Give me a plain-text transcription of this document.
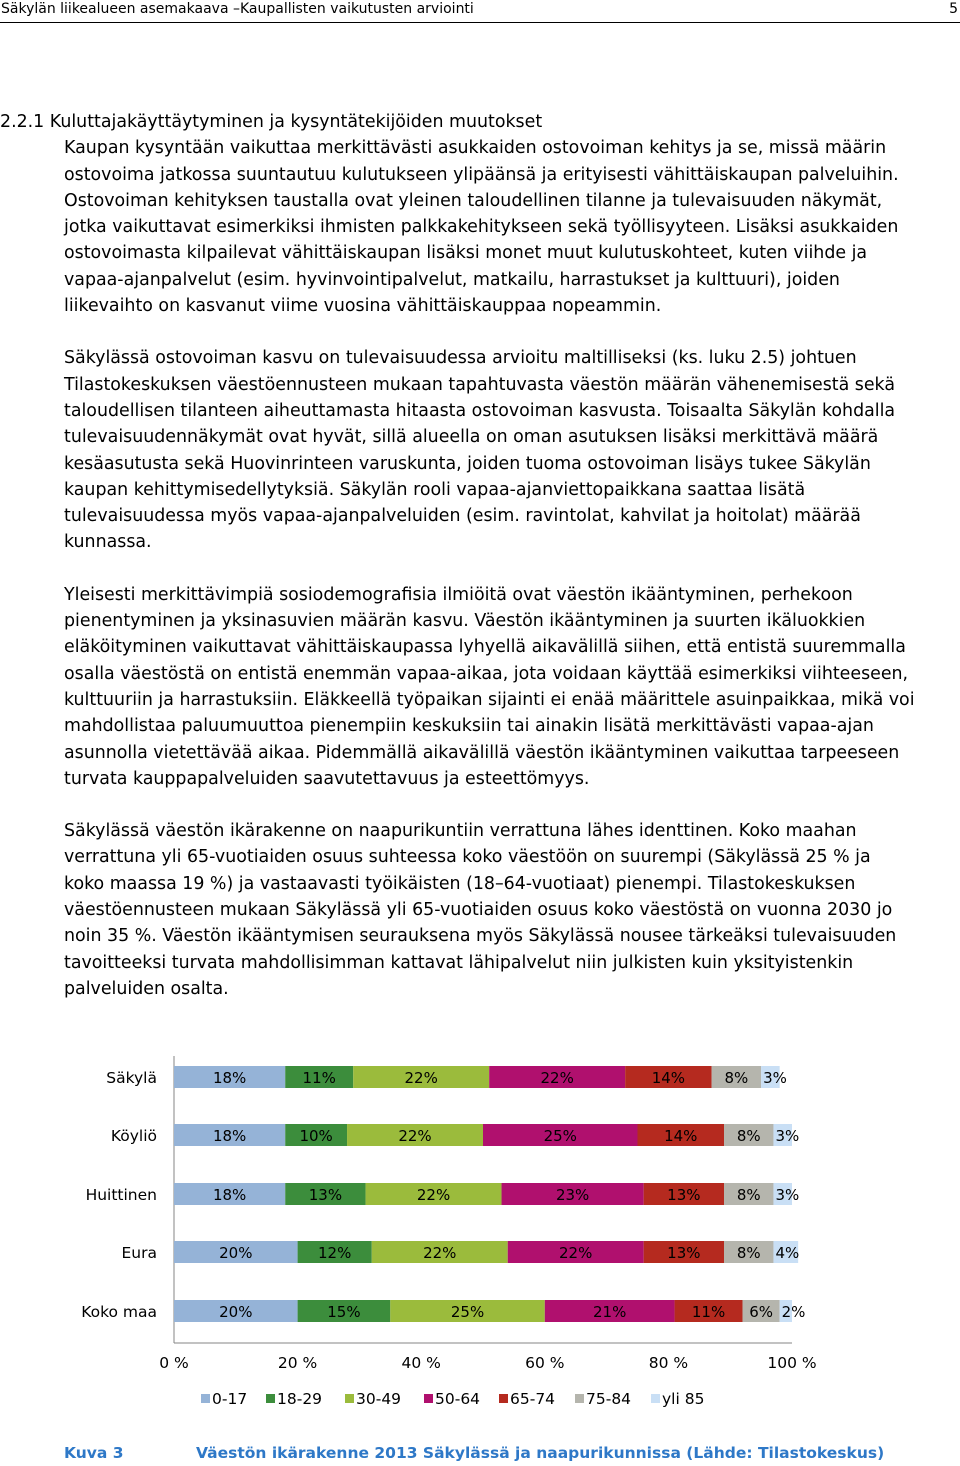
Säkylän liikealueen asemakaava –Kaupallisten vaikutusten arviointi	5
2.2.1 Kuluttajakäyttäytyminen ja kysyntätekijöiden muutokset
Kaupan kysyntään vaikuttaa merkittävästi asukkaiden ostovoiman kehitys ja se, missä määrin
ostovoima jatkossa suuntautuu kulutukseen ylipäänsä ja erityisesti vähittäiskaupan palveluihin.
Ostovoiman kehityksen taustalla ovat yleinen taloudellinen tilanne ja tulevaisuuden näkymät,
jotka vaikuttavat esimerkiksi ihmisten palkkakehitykseen sekä työllisyyteen. Lisäksi asukkaiden
ostovoimasta kilpailevat vähittäiskaupan lisäksi monet muut kulutuskohteet, kuten viihde ja
vapaa-ajanpalvelut (esim. hyvinvointipalvelut, matkailu, harrastukset ja kulttuuri), joiden
liikevaihto on kasvanut viime vuosina vähittäiskauppaa nopeammin.
Säkylässä ostovoiman kasvu on tulevaisuudessa arvioitu maltilliseksi (ks. luku 2.5) johtuen
Tilastokeskuksen väestöennusteen mukaan tapahtuvasta väestön määrän vähenemisestä sekä
taloudellisen tilanteen aiheuttamasta hitaasta ostovoiman kasvusta. Toisaalta Säkylän kohdalla
tulevaisuudennäkymät ovat hyvät, sillä alueella on oman asutuksen lisäksi merkittävä määrä
kesäasutusta sekä Huovinrinteen varuskunta, joiden tuoma ostovoiman lisäys tukee Säkylän
kaupan kehittymisedellytyksiä. Säkylän rooli vapaa-ajanviettopaikkana saattaa lisätä
tulevaisuudessa myös vapaa-ajanpalveluiden (esim. ravintolat, kahvilat ja hoitolat) määrää
kunnassa.
Yleisesti merkittävimpiä sosiodemografisia ilmiöitä ovat väestön ikääntyminen, perhekoon
pienentyminen ja yksinasuvien määrän kasvu. Väestön ikääntyminen ja suurten ikäluokkien
eläköityminen vaikuttavat vähittäiskaupassa lyhyellä aikavälillä siihen, että entistä suuremmalla
osalla väestöstä on entistä enemmän vapaa-aikaa, jota voidaan käyttää esimerkiksi viihteeseen,
kulttuuriin ja harrastuksiin. Eläkkeellä työpaikan sijainti ei enää määrittele asuinpaikkaa, mikä voi
mahdollistaa paluumuuttoa pienempiin keskuksiin tai ainakin lisätä merkittävästi vapaa-ajan
asunnolla vietettävää aikaa. Pidemmällä aikavälillä väestön ikääntyminen vaikuttaa tarpeeseen
turvata kauppapalveluiden saavutettavuus ja esteettömyys.
Säkylässä väestön ikärakenne on naapurikuntiin verrattuna lähes identtinen. Koko maahan
verrattuna yli 65-vuotiaiden osuus suhteessa koko väestöön on suurempi (Säkylässä 25 % ja
koko maassa 19 %) ja vastaavasti työikäisten (18–64-vuotiaat) pienempi. Tilastokeskuksen
väestöennusteen mukaan Säkylässä yli 65-vuotiaiden osuus koko väestöstä on vuonna 2030 jo
noin 35 %. Väestön ikääntymisen seurauksena myös Säkylässä nousee tärkeäksi tulevaisuuden
tavoitteeksi turvata mahdollisimman kattavat lähipalvelut niin julkisten kuin yksityistenkin
palveluiden osalta.
Säkylä	18%	11%	22%	22%	14%	8% 3%
Köyliö	18%	10%	22%	25%	14%	8% 3%
Huittinen	18%	13%	22%	23%	13% 8% 3%
Eura	20%	12%	22%	22%	13% 8% 4%
Koko maa	20%	15%	25%	21%	11% 6% 2%
0 %	20 %	40 %	60 %	80 %	100 %
0-17 18-29 30-49 50-64 65-74 75-84 yli 85
Kuva 3	Väestön ikärakenne 2013 Säkylässä ja naapurikunnissa (Lähde: Tilastokeskus)
